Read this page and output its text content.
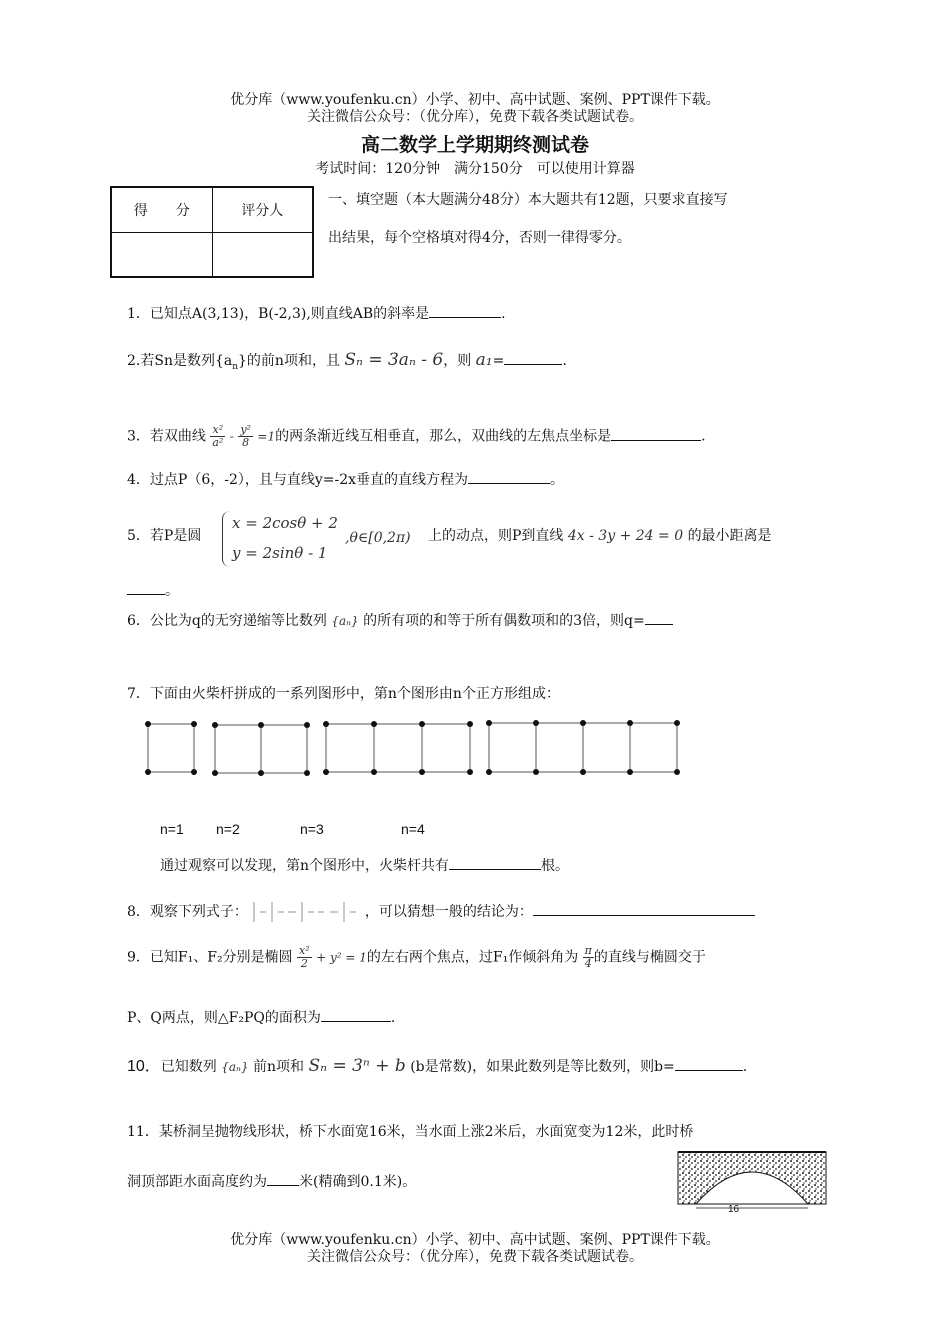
优分库（www.youfenku.cn）小学、初中、高中试题、案例、PPT课件下载。
关注微信公众号：（优分库），免费下载各类试题试卷。
高二数学上学期期终测试卷
考试时间：120分钟　满分150分　可以使用计算器
得　　分	评分人

一、填空题（本大题满分48分）本大题共有12题，只要求直接写
出结果，每个空格填对得4分，否则一律得零分。
1．已知点A(3,13)，B(-2,3),则直线AB的斜率是	.
2.若Sn是数列$\{a_n\}$的前n项和，且 Sₙ = 3aₙ - 6，则 a₁=	.
3．若双曲线 $\frac{\text{x²}}{\text{a²}} - \frac{\text{y²}}{8} =1$的两条渐近线互相垂直，那么，双曲线的左焦点坐标是	.
4．过点P（6，-2），且与直线y=-2x垂直的直线方程为	。
5．若P是圆
x = 2cosθ + 2
y = 2sinθ - 1
,θ∈[0,2π) 上的动点，则P到直线 4x - 3y + 24 = 0 的最小距离是
。
6．公比为q的无穷递缩等比数列 {aₙ} 的所有项的和等于所有偶数项和的3倍，则q=
7．下面由火柴杆拼成的一系列图形中，第n个图形由n个正方形组成：
n=1 n=2	n=3	n=4
通过观察可以发现，第n个图形中，火柴杆共有	根。
8．观察下列式子：	，可以猜想一般的结论为：
9．已知F₁、F₂分别是椭圆 $\frac{\text{x²}}{2} + y^2 = 1$的左右两个焦点，过F₁作倾斜角为 $\frac{\pi}{4}$ 的直线与椭圆交于
P、Q两点，则△F₂PQ的面积为	.
10．已知数列 {aₙ} 前n项和 Sₙ = 3ⁿ + b (b是常数)，如果此数列是等比数列，则b=	.
11．某桥洞呈抛物线形状，桥下水面宽16米，当水面上涨2米后，水面宽变为12米，此时桥
洞顶部距水面高度约为 米(精确到0.1米)。
16
优分库（www.youfenku.cn）小学、初中、高中试题、案例、PPT课件下载。
关注微信公众号：（优分库），免费下载各类试题试卷。
